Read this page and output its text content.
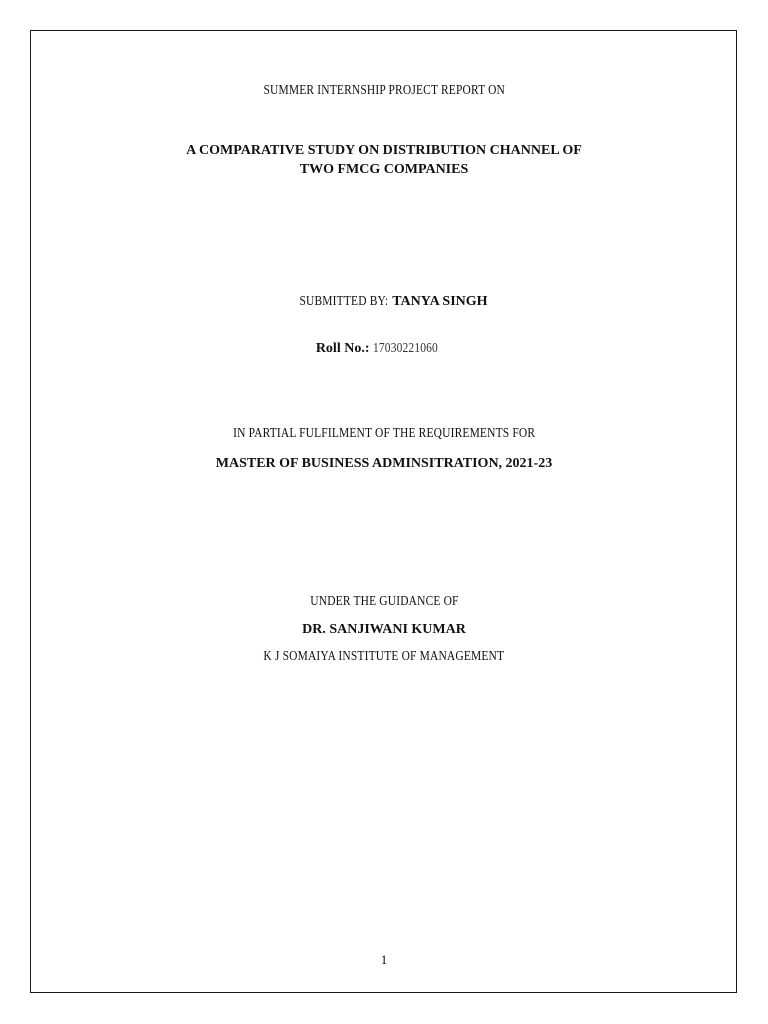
SUMMER INTERNSHIP PROJECT REPORT ON
A COMPARATIVE STUDY ON DISTRIBUTION CHANNEL OF
TWO FMCG COMPANIES
SUBMITTED BY: TANYA SINGH
Roll No.: 17030221060
IN PARTIAL FULFILMENT OF THE REQUIREMENTS FOR
MASTER OF BUSINESS ADMINSITRATION, 2021-23
UNDER THE GUIDANCE OF
DR. SANJIWANI KUMAR
K J SOMAIYA INSTITUTE OF MANAGEMENT
1
